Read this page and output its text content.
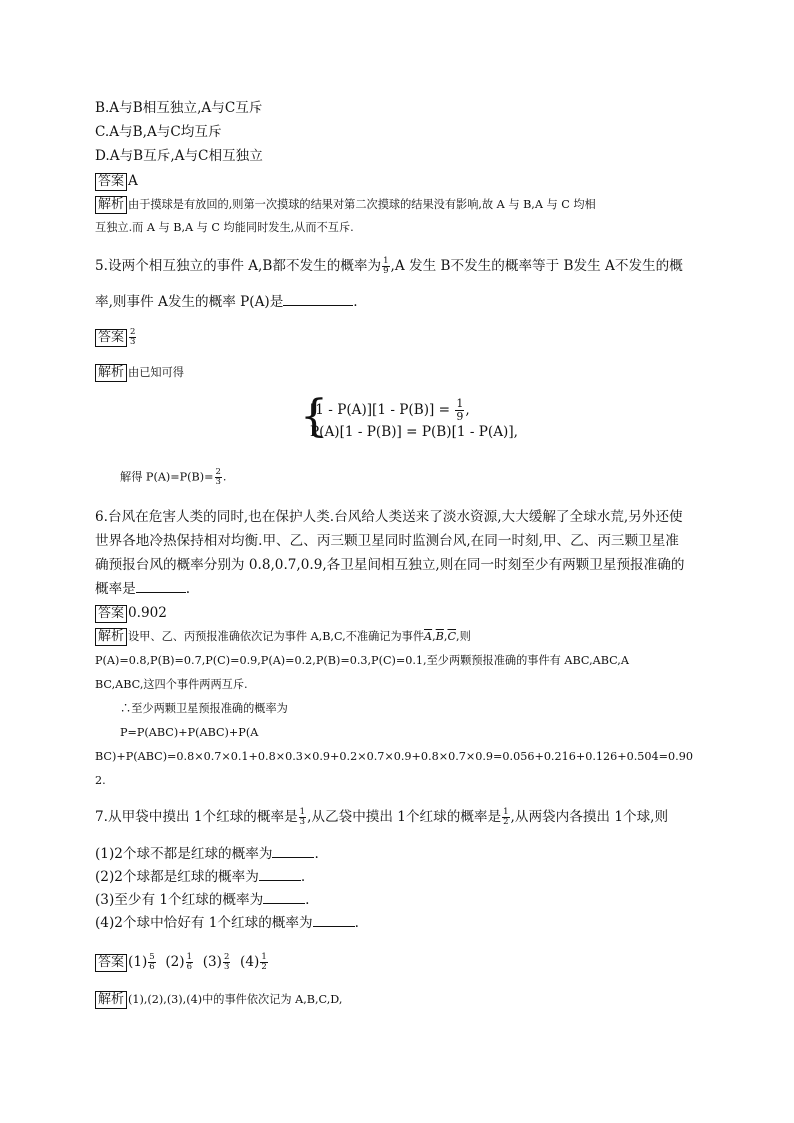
B.A与B相互独立,A与C互斥
C.A与B,A与C均互斥
D.A与B互斥,A与C相互独立
答案 A
解析 由于摸球是有放回的,则第一次摸球的结果对第二次摸球的结果没有影响,故 A 与 B,A 与 C 均相
互独立.而 A 与 B,A 与 C 均能同时发生,从而不互斥.
5.设两个相互独立的事件 A,B都不发生的概率为 $\frac{1}{9} ,A$ 发生 B不发生的概率等于 B发生 A不发生的概
率,则事件 A发生的概率 P(A)是	.
答案 $\frac{2}{3}$
解析 由已知可得
{
$[1 - P(A)][1 - P(B)] = \frac{1}{9}$ ,
P(A)[1 - P(B)] = P(B)[1 - P(A)],
解得 $P(A)=P(B)= \frac{2}{3}$ .
6.台风在危害人类的同时,也在保护人类.台风给人类送来了淡水资源,大大缓解了全球水荒,另外还使
世界各地冷热保持相对均衡.甲、乙、丙三颗卫星同时监测台风,在同一时刻,甲、乙、丙三颗卫星准
确预报台风的概率分别为 0.8,0.7,0.9,各卫星间相互独立,则在同一时刻至少有两颗卫星预报准确的
概率是	.
答案 0.902
解析 设甲、乙、丙预报准确依次记为事件 A,B,C,不准确记为事件$\overline{A},\overline{B},\overline{C}$,则
P(A)=0.8,P(B)=0.7,P(C)=0.9,P(A)=0.2,P(B)=0.3,P(C)=0.1,至少两颗预报准确的事件有 ABC,ABC,A
BC,ABC,这四个事件两两互斥.
∴至少两颗卫星预报准确的概率为
P=P(ABC)+P(ABC)+P(A
BC)+P(ABC)=0.8×0.7×0.1+0.8×0.3×0.9+0.2×0.7×0.9+0.8×0.7×0.9=0.056+0.216+0.126+0.504=0.90
2.
7.从甲袋中摸出 1个红球的概率是 $\frac{1}{3}$ ,从乙袋中摸出 1个红球的概率是 $\frac{1}{2}$ ,从两袋内各摸出 1个球,则
(1)2个球不都是红球的概率为	.
(2)2个球都是红球的概率为	.
(3)至少有 1个红球的概率为	.
(4)2个球中恰好有 1个红球的概率为	.
答案 $(1) \frac{5}{6} (2) \frac{1}{6} (3) \frac{2}{3} (4) \frac{1}{2}$
解析 (1),(2),(3),(4)中的事件依次记为 A,B,C,D,
